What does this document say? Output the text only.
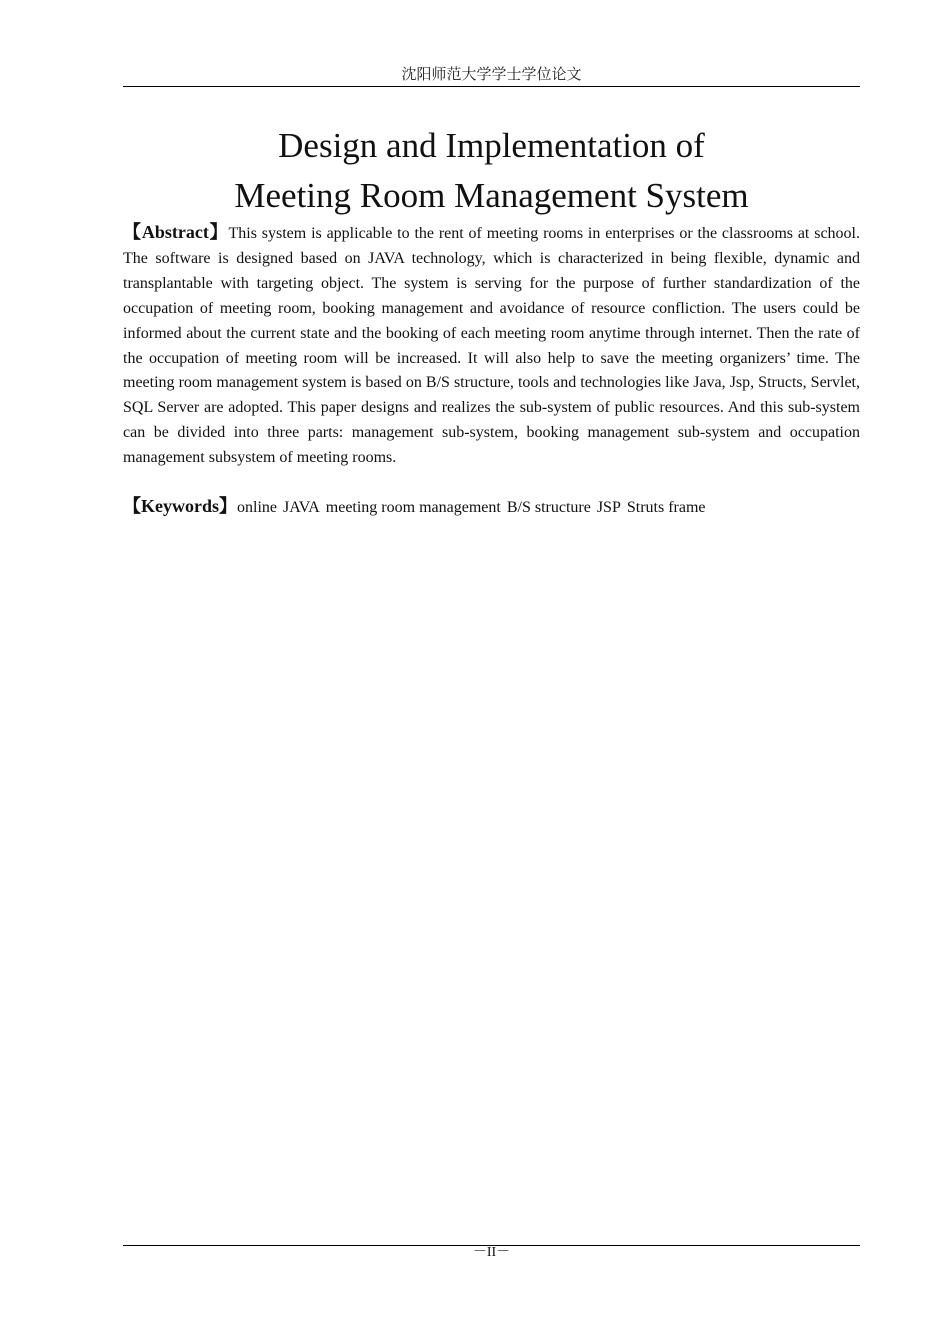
沈阳师范大学学士学位论文
Design and Implementation of
Meeting Room Management System

【Abstract】This system is applicable to the rent of meeting rooms in enterprises or the classrooms at school. The software is designed based on JAVA technology, which is characterized in being flexible, dynamic and transplantable with targeting object. The system is serving for the purpose of further standardization of the occupation of meeting room, booking management and avoidance of resource confliction. The users could be informed about the current state and the booking of each meeting room anytime through internet. Then the rate of the occupation of meeting room will be increased. It will also help to save the meeting organizers’ time. The meeting room management system is based on B/S structure, tools and technologies like Java, Jsp, Structs, Servlet, SQL Server are adopted. This paper designs and realizes the sub-system of public resources. And this sub-system can be divided into three parts: management sub-system, booking management sub-system and occupation management subsystem of meeting rooms.

【Keywords】online JAVA meeting room management B/S structure JSP Struts frame

－II－
